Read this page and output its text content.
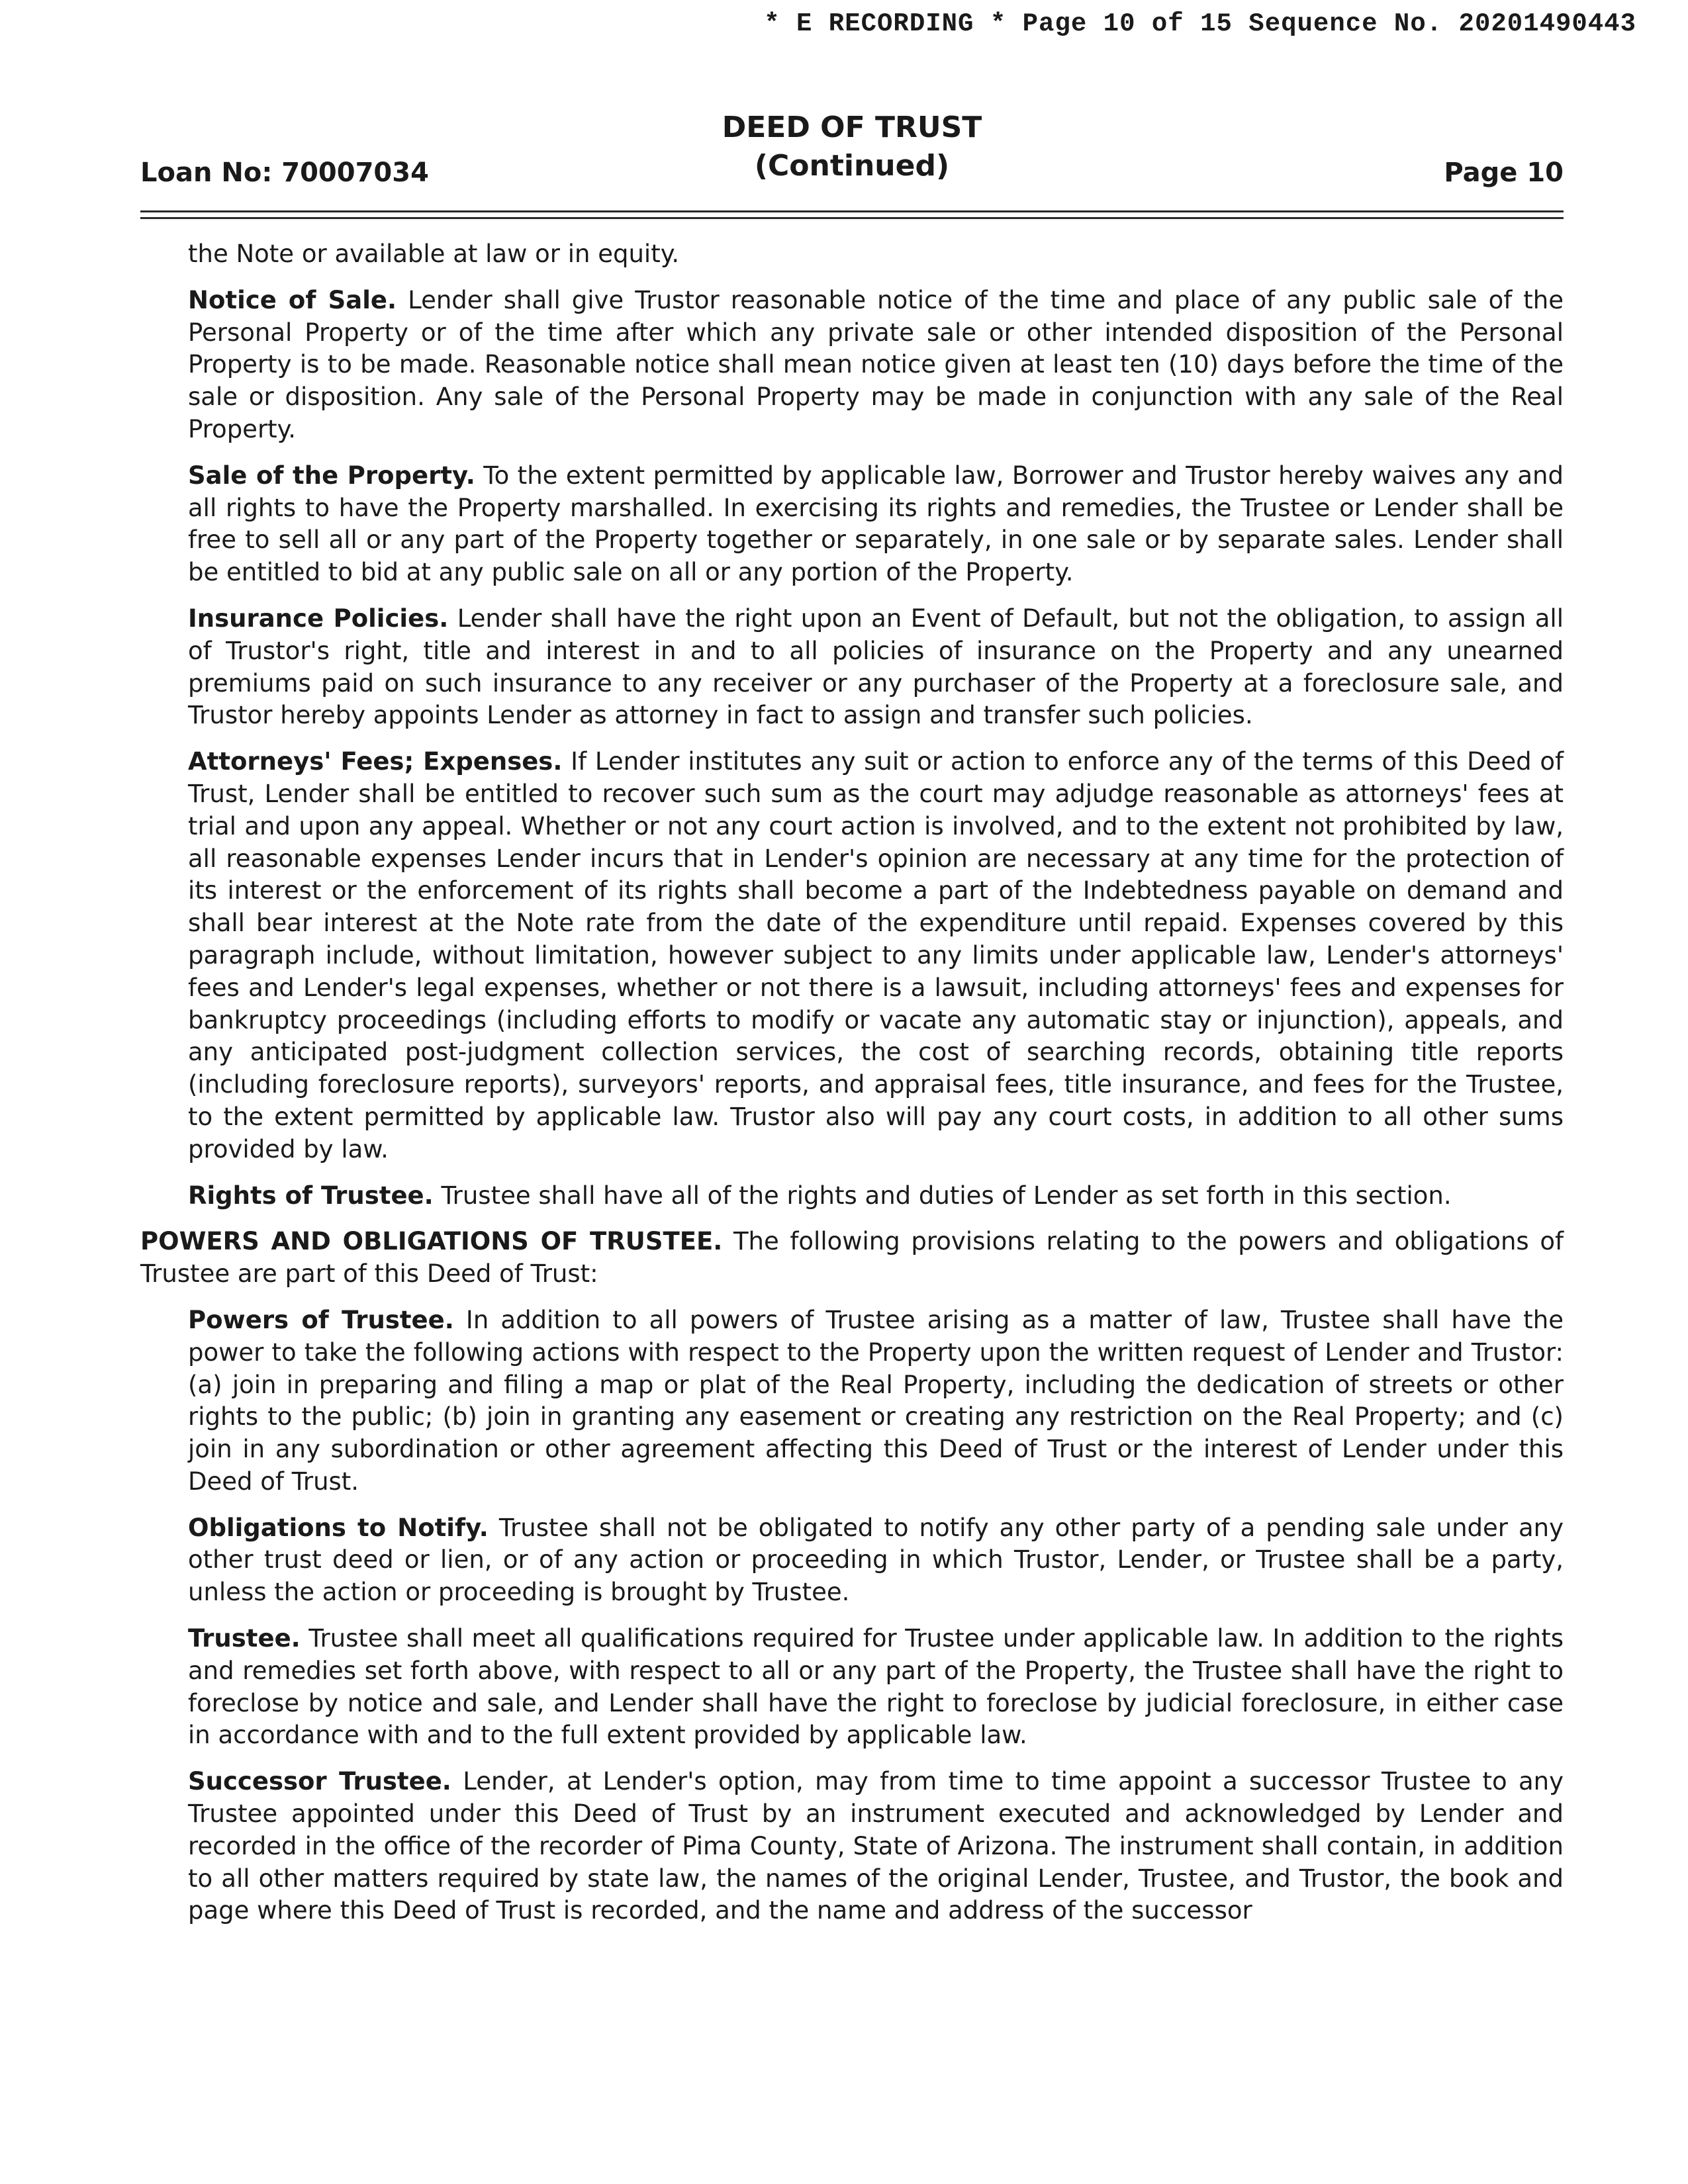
* E RECORDING * Page 10 of 15 Sequence No. 20201490443
Loan No: 70007034
DEED OF TRUST
(Continued)	Page 10

the Note or available at law or in equity.

Notice of Sale. Lender shall give Trustor reasonable notice of the time and place of any public sale of the Personal Property or of the time after which any private sale or other intended disposition of the Personal Property is to be made. Reasonable notice shall mean notice given at least ten (10) days before the time of the sale or disposition. Any sale of the Personal Property may be made in conjunction with any sale of the Real Property.

Sale of the Property. To the extent permitted by applicable law, Borrower and Trustor hereby waives any and all rights to have the Property marshalled. In exercising its rights and remedies, the Trustee or Lender shall be free to sell all or any part of the Property together or separately, in one sale or by separate sales. Lender shall be entitled to bid at any public sale on all or any portion of the Property.

Insurance Policies. Lender shall have the right upon an Event of Default, but not the obligation, to assign all of Trustor's right, title and interest in and to all policies of insurance on the Property and any unearned premiums paid on such insurance to any receiver or any purchaser of the Property at a foreclosure sale, and Trustor hereby appoints Lender as attorney in fact to assign and transfer such policies.

Attorneys' Fees; Expenses. If Lender institutes any suit or action to enforce any of the terms of this Deed of Trust, Lender shall be entitled to recover such sum as the court may adjudge reasonable as attorneys' fees at trial and upon any appeal. Whether or not any court action is involved, and to the extent not prohibited by law, all reasonable expenses Lender incurs that in Lender's opinion are necessary at any time for the protection of its interest or the enforcement of its rights shall become a part of the Indebtedness payable on demand and shall bear interest at the Note rate from the date of the expenditure until repaid. Expenses covered by this paragraph include, without limitation, however subject to any limits under applicable law, Lender's attorneys' fees and Lender's legal expenses, whether or not there is a lawsuit, including attorneys' fees and expenses for bankruptcy proceedings (including efforts to modify or vacate any automatic stay or injunction), appeals, and any anticipated post-judgment collection services, the cost of searching records, obtaining title reports (including foreclosure reports), surveyors' reports, and appraisal fees, title insurance, and fees for the Trustee, to the extent permitted by applicable law. Trustor also will pay any court costs, in addition to all other sums provided by law.

Rights of Trustee. Trustee shall have all of the rights and duties of Lender as set forth in this section.

POWERS AND OBLIGATIONS OF TRUSTEE. The following provisions relating to the powers and obligations of Trustee are part of this Deed of Trust:

Powers of Trustee. In addition to all powers of Trustee arising as a matter of law, Trustee shall have the power to take the following actions with respect to the Property upon the written request of Lender and Trustor: (a) join in preparing and filing a map or plat of the Real Property, including the dedication of streets or other rights to the public; (b) join in granting any easement or creating any restriction on the Real Property; and (c) join in any subordination or other agreement affecting this Deed of Trust or the interest of Lender under this Deed of Trust.

Obligations to Notify. Trustee shall not be obligated to notify any other party of a pending sale under any other trust deed or lien, or of any action or proceeding in which Trustor, Lender, or Trustee shall be a party, unless the action or proceeding is brought by Trustee.

Trustee. Trustee shall meet all qualifications required for Trustee under applicable law. In addition to the rights and remedies set forth above, with respect to all or any part of the Property, the Trustee shall have the right to foreclose by notice and sale, and Lender shall have the right to foreclose by judicial foreclosure, in either case in accordance with and to the full extent provided by applicable law.

Successor Trustee. Lender, at Lender's option, may from time to time appoint a successor Trustee to any Trustee appointed under this Deed of Trust by an instrument executed and acknowledged by Lender and recorded in the office of the recorder of Pima County, State of Arizona. The instrument shall contain, in addition to all other matters required by state law, the names of the original Lender, Trustee, and Trustor, the book and page where this Deed of Trust is recorded, and the name and address of the successor
